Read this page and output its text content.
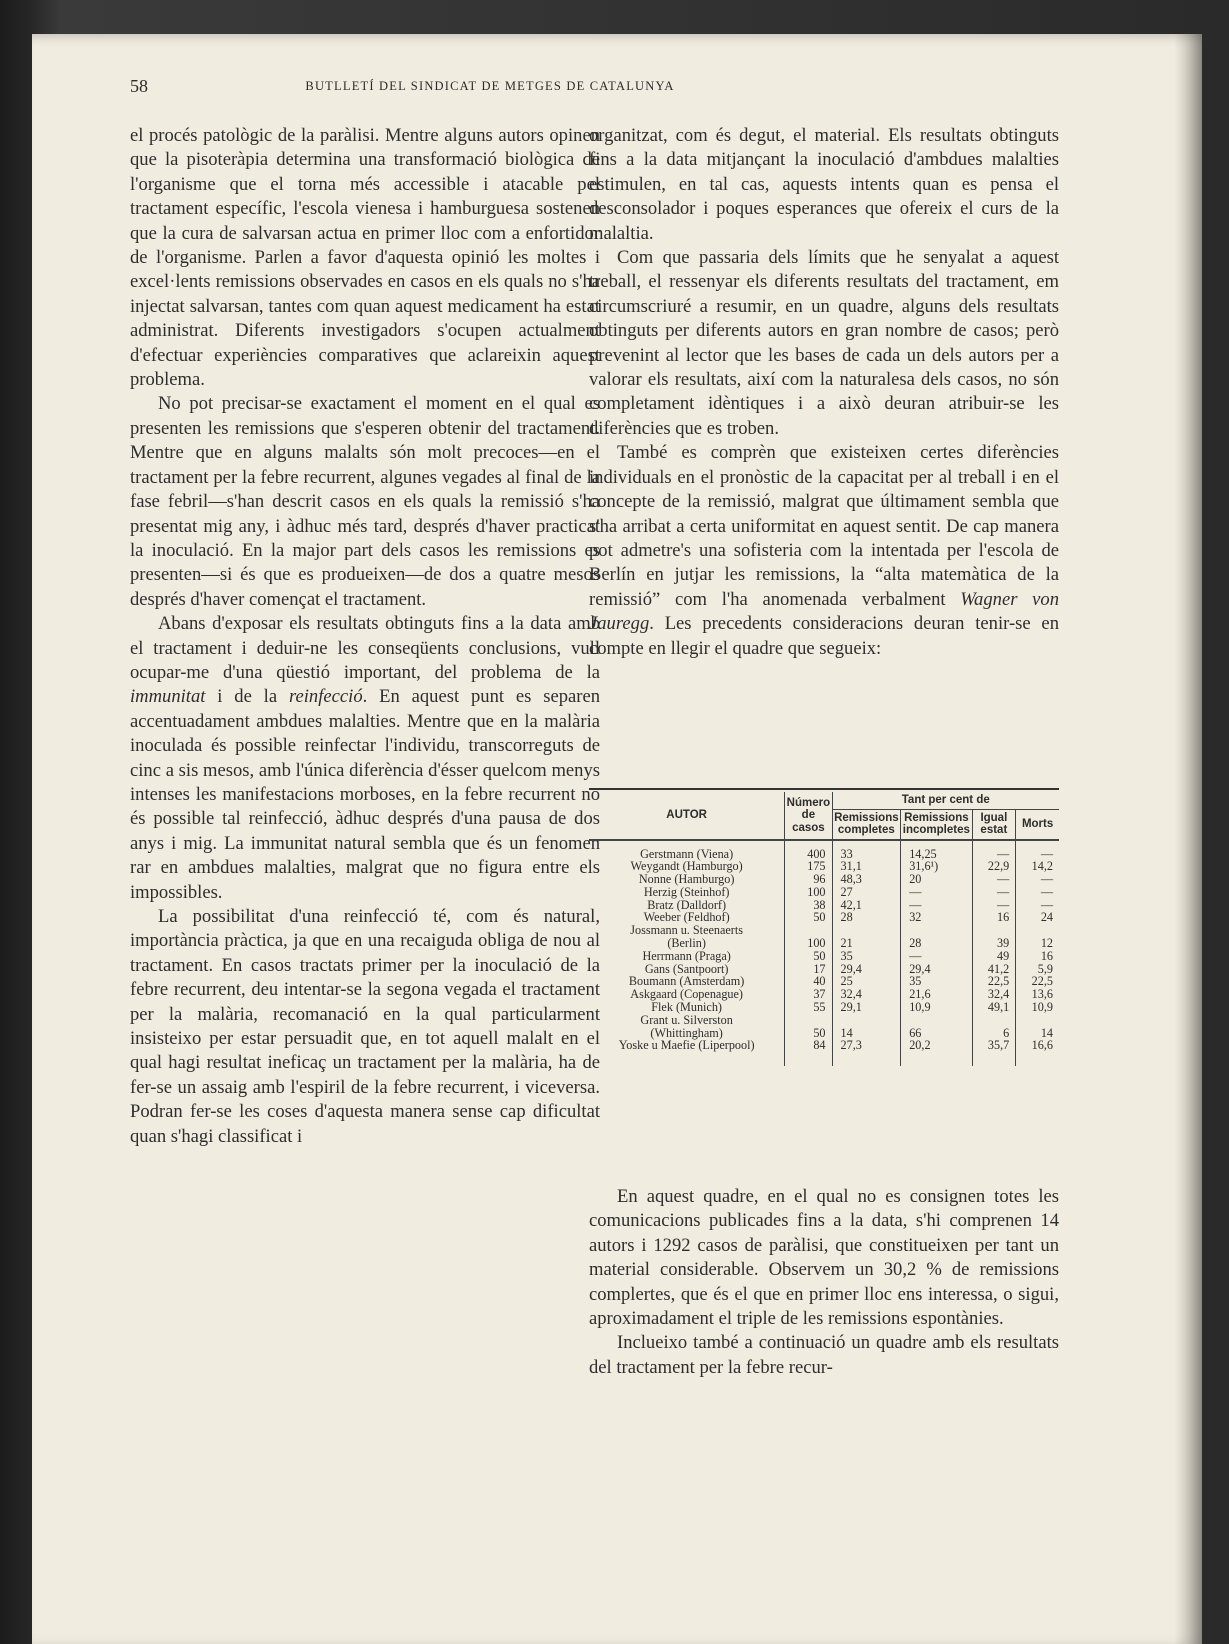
58	BUTLLETÍ DEL SINDICAT DE METGES DE CATALUNYA

el procés patològic de la paràlisi. Mentre alguns autors opinen que la pisoteràpia determina una transformació biològica de l'organisme que el torna més accessible i atacable pel tractament específic, l'escola vienesa i hamburguesa sostenen que la cura de salvarsan actua en primer lloc com a enfortidor de l'organisme. Parlen a favor d'aquesta opinió les moltes i excel·lents remissions observades en casos en els quals no s'ha injectat salvarsan, tantes com quan aquest medicament ha estat administrat. Diferents investigadors s'ocupen actualment d'efectuar experiències comparatives que aclareixin aquest problema.

No pot precisar-se exactament el moment en el qual es presenten les remissions que s'esperen obtenir del tractament. Mentre que en alguns malalts són molt precoces—en el tractament per la febre recurrent, algunes vegades al final de la fase febril—s'han descrit casos en els quals la remissió s'ha presentat mig any, i àdhuc més tard, després d'haver practicat la inoculació. En la major part dels casos les remissions es presenten—si és que es produeixen—de dos a quatre mesos després d'haver començat el tractament.

Abans d'exposar els resultats obtinguts fins a la data amb el tractament i deduir-ne les conseqüents conclusions, vull ocupar-me d'una qüestió important, del problema de la immunitat i de la reinfecció. En aquest punt es separen accentuadament ambdues malalties. Mentre que en la malària inoculada és possible reinfectar l'individu, transcorreguts de cinc a sis mesos, amb l'única diferència d'ésser quelcom menys intenses les manifestacions morboses, en la febre recurrent no és possible tal reinfecció, àdhuc després d'una pausa de dos anys i mig. La immunitat natural sembla que és un fenomen rar en ambdues malalties, malgrat que no figura entre els impossibles.

La possibilitat d'una reinfecció té, com és natural, importància pràctica, ja que en una recaiguda obliga de nou al tractament. En casos tractats primer per la inoculació de la febre recurrent, deu intentar-se la segona vegada el tractament per la malària, recomanació en la qual particularment insisteixo per estar persuadit que, en tot aquell malalt en el qual hagi resultat ineficaç un tractament per la malària, ha de fer-se un assaig amb l'espiril de la febre recurrent, i viceversa. Podran fer-se les coses d'aquesta manera sense cap dificultat quan s'hagi classificat i

organitzat, com és degut, el material. Els resultats obtinguts fins a la data mitjançant la inoculació d'ambdues malalties estimulen, en tal cas, aquests intents quan es pensa el desconsolador i poques esperances que ofereix el curs de la malaltia.

Com que passaria dels límits que he senyalat a aquest treball, el ressenyar els diferents resultats del tractament, em circumscriuré a resumir, en un quadre, alguns dels resultats obtinguts per diferents autors en gran nombre de casos; però prevenint al lector que les bases de cada un dels autors per a valorar els resultats, així com la naturalesa dels casos, no són completament idèntiques i a això deuran atribuir-se les diferències que es troben.

També es comprèn que existeixen certes diferències individuals en el pronòstic de la capacitat per al treball i en el concepte de la remissió, malgrat que últimament sembla que s'ha arribat a certa uniformitat en aquest sentit. De cap manera pot admetre's una sofisteria com la intentada per l'escola de Berlín en jutjar les remissions, la “alta matemàtica de la remissió” com l'ha anomenada verbalment Wagner von Jauregg. Les precedents consideracions deuran tenir-se en compte en llegir el quadre que segueix:

AUTOR	Número de casos	Tant per cent de			
		Remissions completes	Remissions incompletes	Igual estat	Morts
Gerstmann (Viena)	400	33	14,25	—	—
Weygandt (Hamburgo)	175	31,1	31,6¹)	22,9	14,2
Nonne (Hamburgo)	96	48,3	20	—	—
Herzig (Steinhof)	100	27	—	—	—
Bratz (Dalldorf)	38	42,1	—	—	—
Weeber (Feldhof)	50	28	32	16	24
Jossmann u. Steenaerts					
(Berlin)	100	21	28	39	12
Herrmann (Praga)	50	35	—	49	16
Gans (Santpoort)	17	29,4	29,4	41,2	5,9
Boumann (Amsterdam)	40	25	35	22,5	22,5
Askgaard (Copenague)	37	32,4	21,6	32,4	13,6
Flek (Munich)	55	29,1	10,9	49,1	10,9
Grant u. Silverston					
(Whittingham)	50	14	66	6	14
Yoske u Maefie (Liperpool)	84	27,3	20,2	35,7	16,6

En aquest quadre, en el qual no es consignen totes les comunicacions publicades fins a la data, s'hi comprenen 14 autors i 1292 casos de paràlisi, que constitueixen per tant un material considerable. Observem un 30,2 % de remissions complertes, que és el que en primer lloc ens interessa, o sigui, aproximadament el triple de les remissions espontànies.

Inclueixo també a continuació un quadre amb els resultats del tractament per la febre recur-
